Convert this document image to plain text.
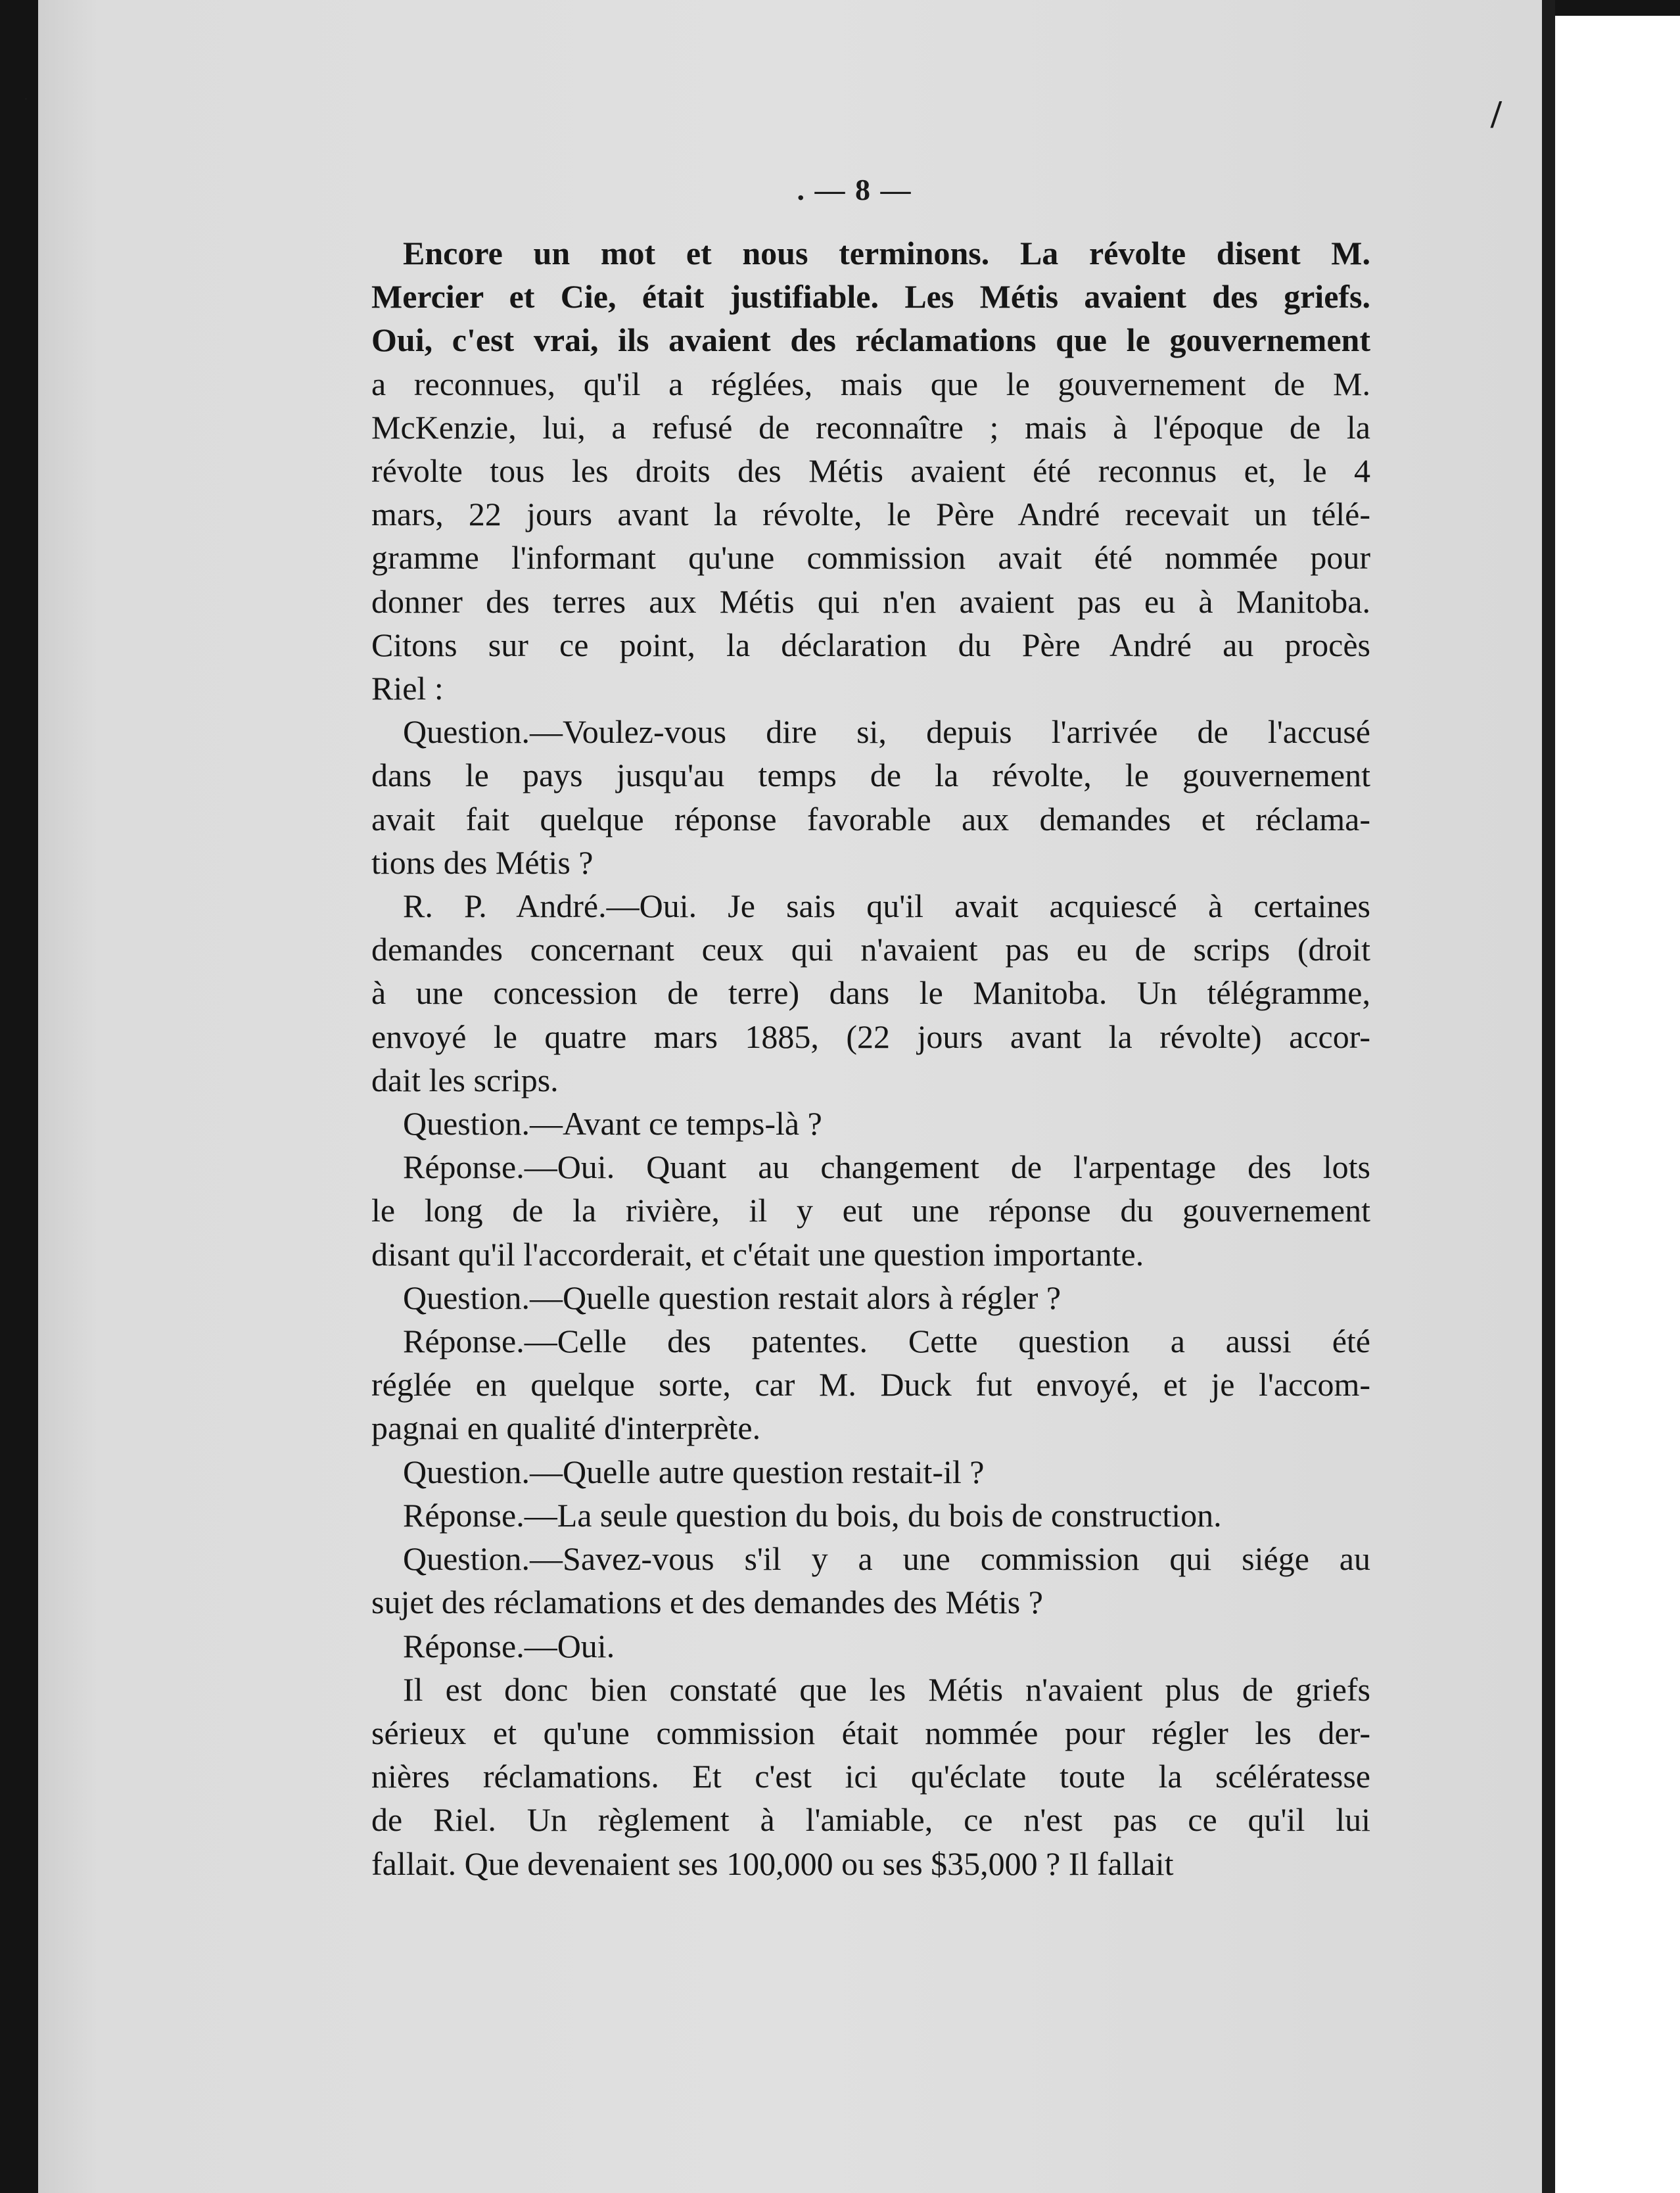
·	/
. — 8 —

Encore un mot et nous terminons. La révolte disent M.

Mercier et Cie, était justifiable. Les Métis avaient des griefs.

Oui, c'est vrai, ils avaient des réclamations que le gouvernement

a reconnues, qu'il a réglées, mais que le gouvernement de M.

McKenzie, lui, a refusé de reconnaître ; mais à l'époque de la

révolte tous les droits des Métis avaient été reconnus et, le 4

mars, 22 jours avant la révolte, le Père André recevait un télé-

gramme l'informant qu'une commission avait été nommée pour

donner des terres aux Métis qui n'en avaient pas eu à Manitoba.

Citons sur ce point, la déclaration du Père André au procès

Riel :

Question.—Voulez-vous dire si, depuis l'arrivée de l'accusé

dans le pays jusqu'au temps de la révolte, le gouvernement

avait fait quelque réponse favorable aux demandes et réclama-

tions des Métis ?

R. P. André.—Oui. Je sais qu'il avait acquiescé à certaines

demandes concernant ceux qui n'avaient pas eu de scrips (droit

à une concession de terre) dans le Manitoba. Un télégramme,

envoyé le quatre mars 1885, (22 jours avant la révolte) accor-

dait les scrips.

Question.—Avant ce temps-là ?

Réponse.—Oui. Quant au changement de l'arpentage des lots

le long de la rivière, il y eut une réponse du gouvernement

disant qu'il l'accorderait, et c'était une question importante.

Question.—Quelle question restait alors à régler ?

Réponse.—Celle des patentes. Cette question a aussi été

réglée en quelque sorte, car M. Duck fut envoyé, et je l'accom-

pagnai en qualité d'interprète.

Question.—Quelle autre question restait-il ?

Réponse.—La seule question du bois, du bois de construction.

Question.—Savez-vous s'il y a une commission qui siége au

sujet des réclamations et des demandes des Métis ?

Réponse.—Oui.

Il est donc bien constaté que les Métis n'avaient plus de griefs

sérieux et qu'une commission était nommée pour régler les der-

nières réclamations. Et c'est ici qu'éclate toute la scélératesse

de Riel. Un règlement à l'amiable, ce n'est pas ce qu'il lui

fallait. Que devenaient ses 100,000 ou ses $35,000 ? Il fallait
